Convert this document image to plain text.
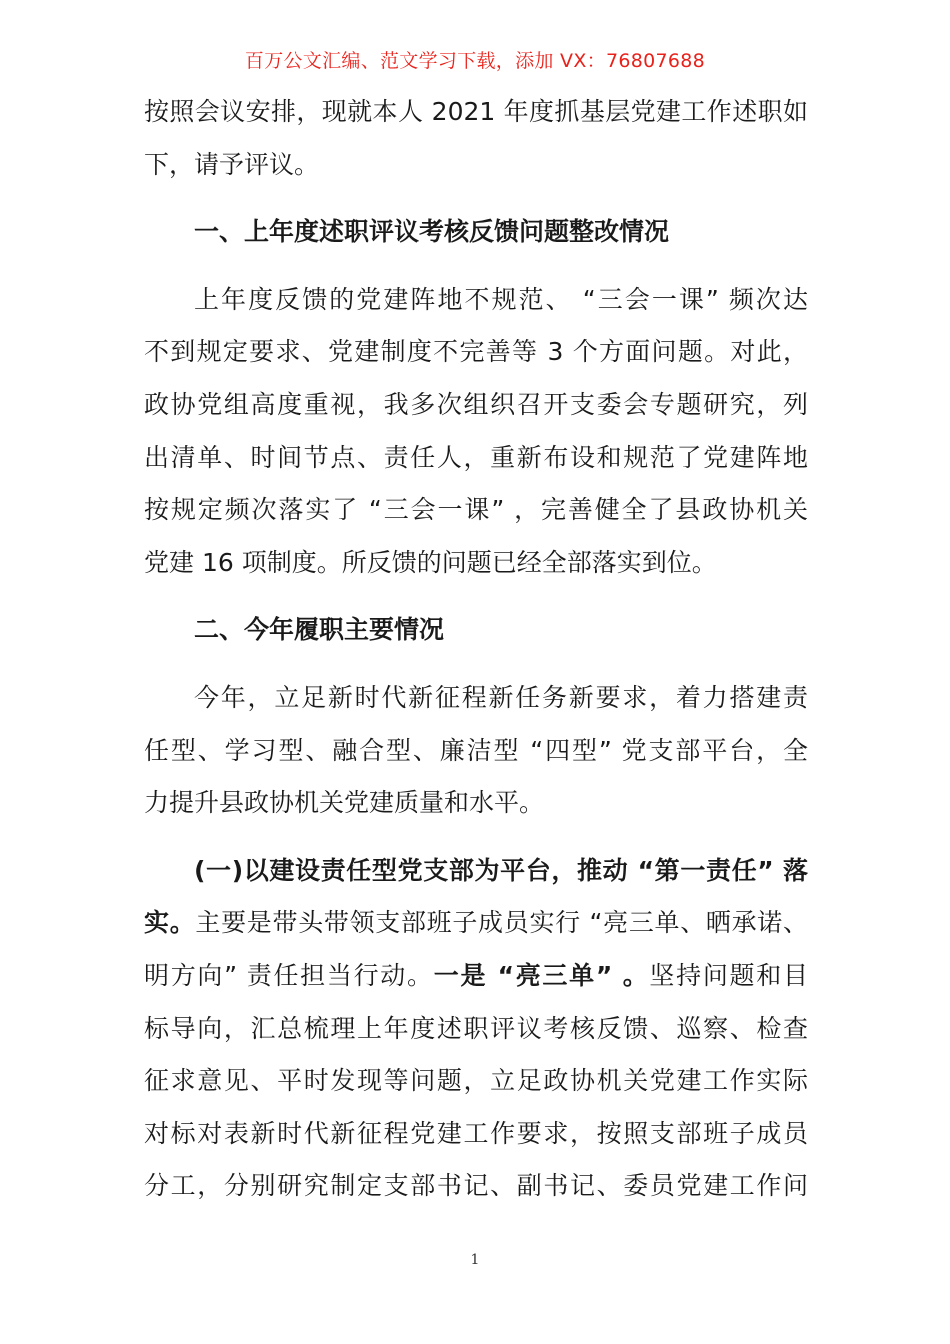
百万公文汇编、范文学习下载，添加 VX：76807688
按照会议安排，现就本人 2021 年度抓基层党建工作述职如
下，请予评议。
一、上年度述职评议考核反馈问题整改情况
上年度反馈的党建阵地不规范、 “三会一课” 频次达
不到规定要求、党建制度不完善等 3 个方面问题。对此，
政协党组高度重视，我多次组织召开支委会专题研究，列
出清单、时间节点、责任人，重新布设和规范了党建阵地
按规定频次落实了 “三会一课” ，完善健全了县政协机关
党建 16 项制度。所反馈的问题已经全部落实到位。
二、今年履职主要情况
今年，立足新时代新征程新任务新要求，着力搭建责
任型、学习型、融合型、廉洁型 “四型” 党支部平台，全
力提升县政协机关党建质量和水平。
(一)以建设责任型党支部为平台，推动 “第一责任” 落
实。主要是带头带领支部班子成员实行 “亮三单、晒承诺、
明方向” 责任担当行动。一是 “亮三单” 。坚持问题和目
标导向，汇总梳理上年度述职评议考核反馈、巡察、检查
征求意见、平时发现等问题，立足政协机关党建工作实际
对标对表新时代新征程党建工作要求，按照支部班子成员
分工，分别研究制定支部书记、副书记、委员党建工作问
1
